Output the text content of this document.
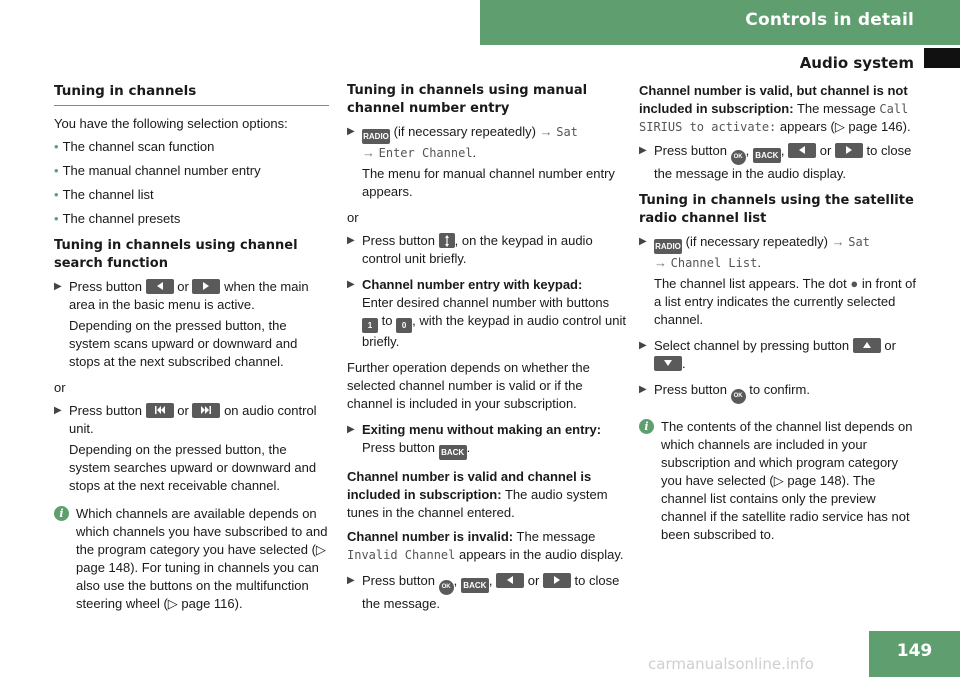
Controls in detail
Audio system
Tuning in channels

You have the following selection options:

• The channel scan function
• The manual channel number entry
• The channel list
• The channel presets
Tuning in channels using channel search function
▶ Press button	or	when the main area in the basic menu is active.

Depending on the pressed button, the system scans upward or downward and stops at the next subscribed channel.

or

▶ Press button	or	on audio control unit.

Depending on the pressed button, the system searches upward or downward and stops at the next receivable channel.

i Which channels are available depends on which channels you have subscribed to and the program category you have selected (▷ page 148). For tuning in channels you can also use the buttons on the multifunction steering wheel (▷ page 116).
Tuning in channels using manual channel number entry
▶ RADIO (if necessary repeatedly) → Sat
→ Enter Channel.

The menu for manual channel number entry appears.

or

▶ Press button , on the keypad in audio control unit briefly.
▶ Channel number entry with keypad:
Enter desired channel number with buttons 1 to 0 , with the keypad in audio control unit briefly.

Further operation depends on whether the selected channel number is valid or if the channel is included in your subscription.

▶ Exiting menu without making an entry:
Press button BACK .

Channel number is valid and channel is included in subscription: The audio system tunes in the channel entered.

Channel number is invalid: The message Invalid Channel appears in the audio display.

▶ Press button OK , BACK ,
or	to close the message.

Channel number is valid, but channel is not included in subscription: The message Call SIRIUS to activate: appears (▷ page 146).

▶ Press button OK , BACK ,
or	to close the message in the audio display.
Tuning in channels using the satellite radio channel list
▶ RADIO (if necessary repeatedly) → Sat
→ Channel List.

The channel list appears. The dot ● in front of a list entry indicates the currently selected channel.

▶ Select channel by pressing button	or

.
▶ Press button OK to confirm.
i The contents of the channel list depends on which channels are included in your subscription and which program category you have selected (▷ page 148). The channel list contains only the preview channel if the satellite radio service has not been subscribed to.
149
carmanualsonline.info
